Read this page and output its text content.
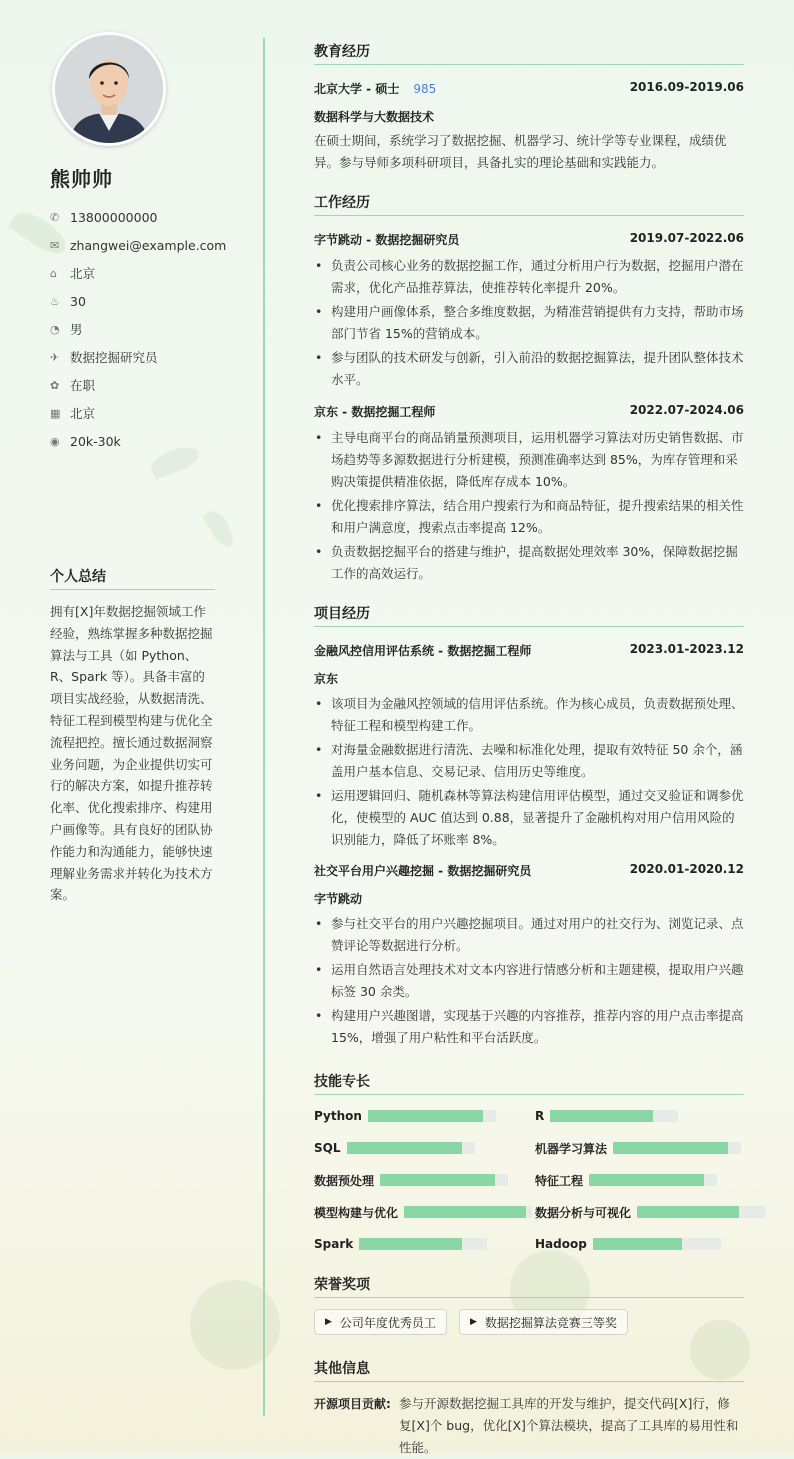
熊帅帅
✆ 13800000000
✉ zhangwei@example.com
⌂	北京
♨ 30
◔ 男
✈ 数据挖掘研究员
✿ 在职
▦ 北京
◉ 20k-30k
个人总结
拥有[X]年数据挖掘领域工作经验，熟练掌握多种数据挖掘算法与工具（如 Python、R、Spark 等）。具备丰富的项目实战经验，从数据清洗、特征工程到模型构建与优化全流程把控。擅长通过数据洞察业务问题，为企业提供切实可行的解决方案，如提升推荐转化率、优化搜索排序、构建用户画像等。具有良好的团队协作能力和沟通能力，能够快速理解业务需求并转化为技术方案。
教育经历
北京大学 - 硕士 985	2016.09-2019.06
数据科学与大数据技术
在硕士期间，系统学习了数据挖掘、机器学习、统计学等专业课程，成绩优异。参与导师多项科研项目，具备扎实的理论基础和实践能力。
工作经历
字节跳动 - 数据挖掘研究员	2019.07-2022.06
• 负责公司核心业务的数据挖掘工作，通过分析用户行为数据，挖掘用户潜在需求，优化产品推荐算法，使推荐转化率提升 20%。
• 构建用户画像体系，整合多维度数据，为精准营销提供有力支持，帮助市场部门节省 15%的营销成本。
• 参与团队的技术研发与创新，引入前沿的数据挖掘算法，提升团队整体技术水平。
京东 - 数据挖掘工程师	2022.07-2024.06
• 主导电商平台的商品销量预测项目，运用机器学习算法对历史销售数据、市场趋势等多源数据进行分析建模，预测准确率达到 85%，为库存管理和采购决策提供精准依据，降低库存成本 10%。
• 优化搜索排序算法，结合用户搜索行为和商品特征，提升搜索结果的相关性和用户满意度，搜索点击率提高 12%。
• 负责数据挖掘平台的搭建与维护，提高数据处理效率 30%，保障数据挖掘工作的高效运行。
项目经历
金融风控信用评估系统 - 数据挖掘工程师	2023.01-2023.12
京东
• 该项目为金融风控领域的信用评估系统。作为核心成员，负责数据预处理、特征工程和模型构建工作。
• 对海量金融数据进行清洗、去噪和标准化处理，提取有效特征 50 余个，涵盖用户基本信息、交易记录、信用历史等维度。
• 运用逻辑回归、随机森林等算法构建信用评估模型，通过交叉验证和调参优化，使模型的 AUC 值达到 0.88，显著提升了金融机构对用户信用风险的识别能力，降低了坏账率 8%。
社交平台用户兴趣挖掘 - 数据挖掘研究员	2020.01-2020.12
字节跳动
• 参与社交平台的用户兴趣挖掘项目。通过对用户的社交行为、浏览记录、点赞评论等数据进行分析。
• 运用自然语言处理技术对文本内容进行情感分析和主题建模，提取用户兴趣标签 30 余类。
• 构建用户兴趣图谱，实现基于兴趣的内容推荐，推荐内容的用户点击率提高 15%，增强了用户粘性和平台活跃度。
技能专长
Python	R
SQL	机器学习算法
数据预处理	特征工程
模型构建与优化	数据分析与可视化
Spark	Hadoop
荣誉奖项
▶ 公司年度优秀员工	▶ 数据挖掘算法竞赛三等奖
其他信息
开源项目贡献: 参与开源数据挖掘工具库的开发与维护，提交代码[X]行，修复[X]个 bug，优化[X]个算法模块，提高了工具库的易用性和性能。
